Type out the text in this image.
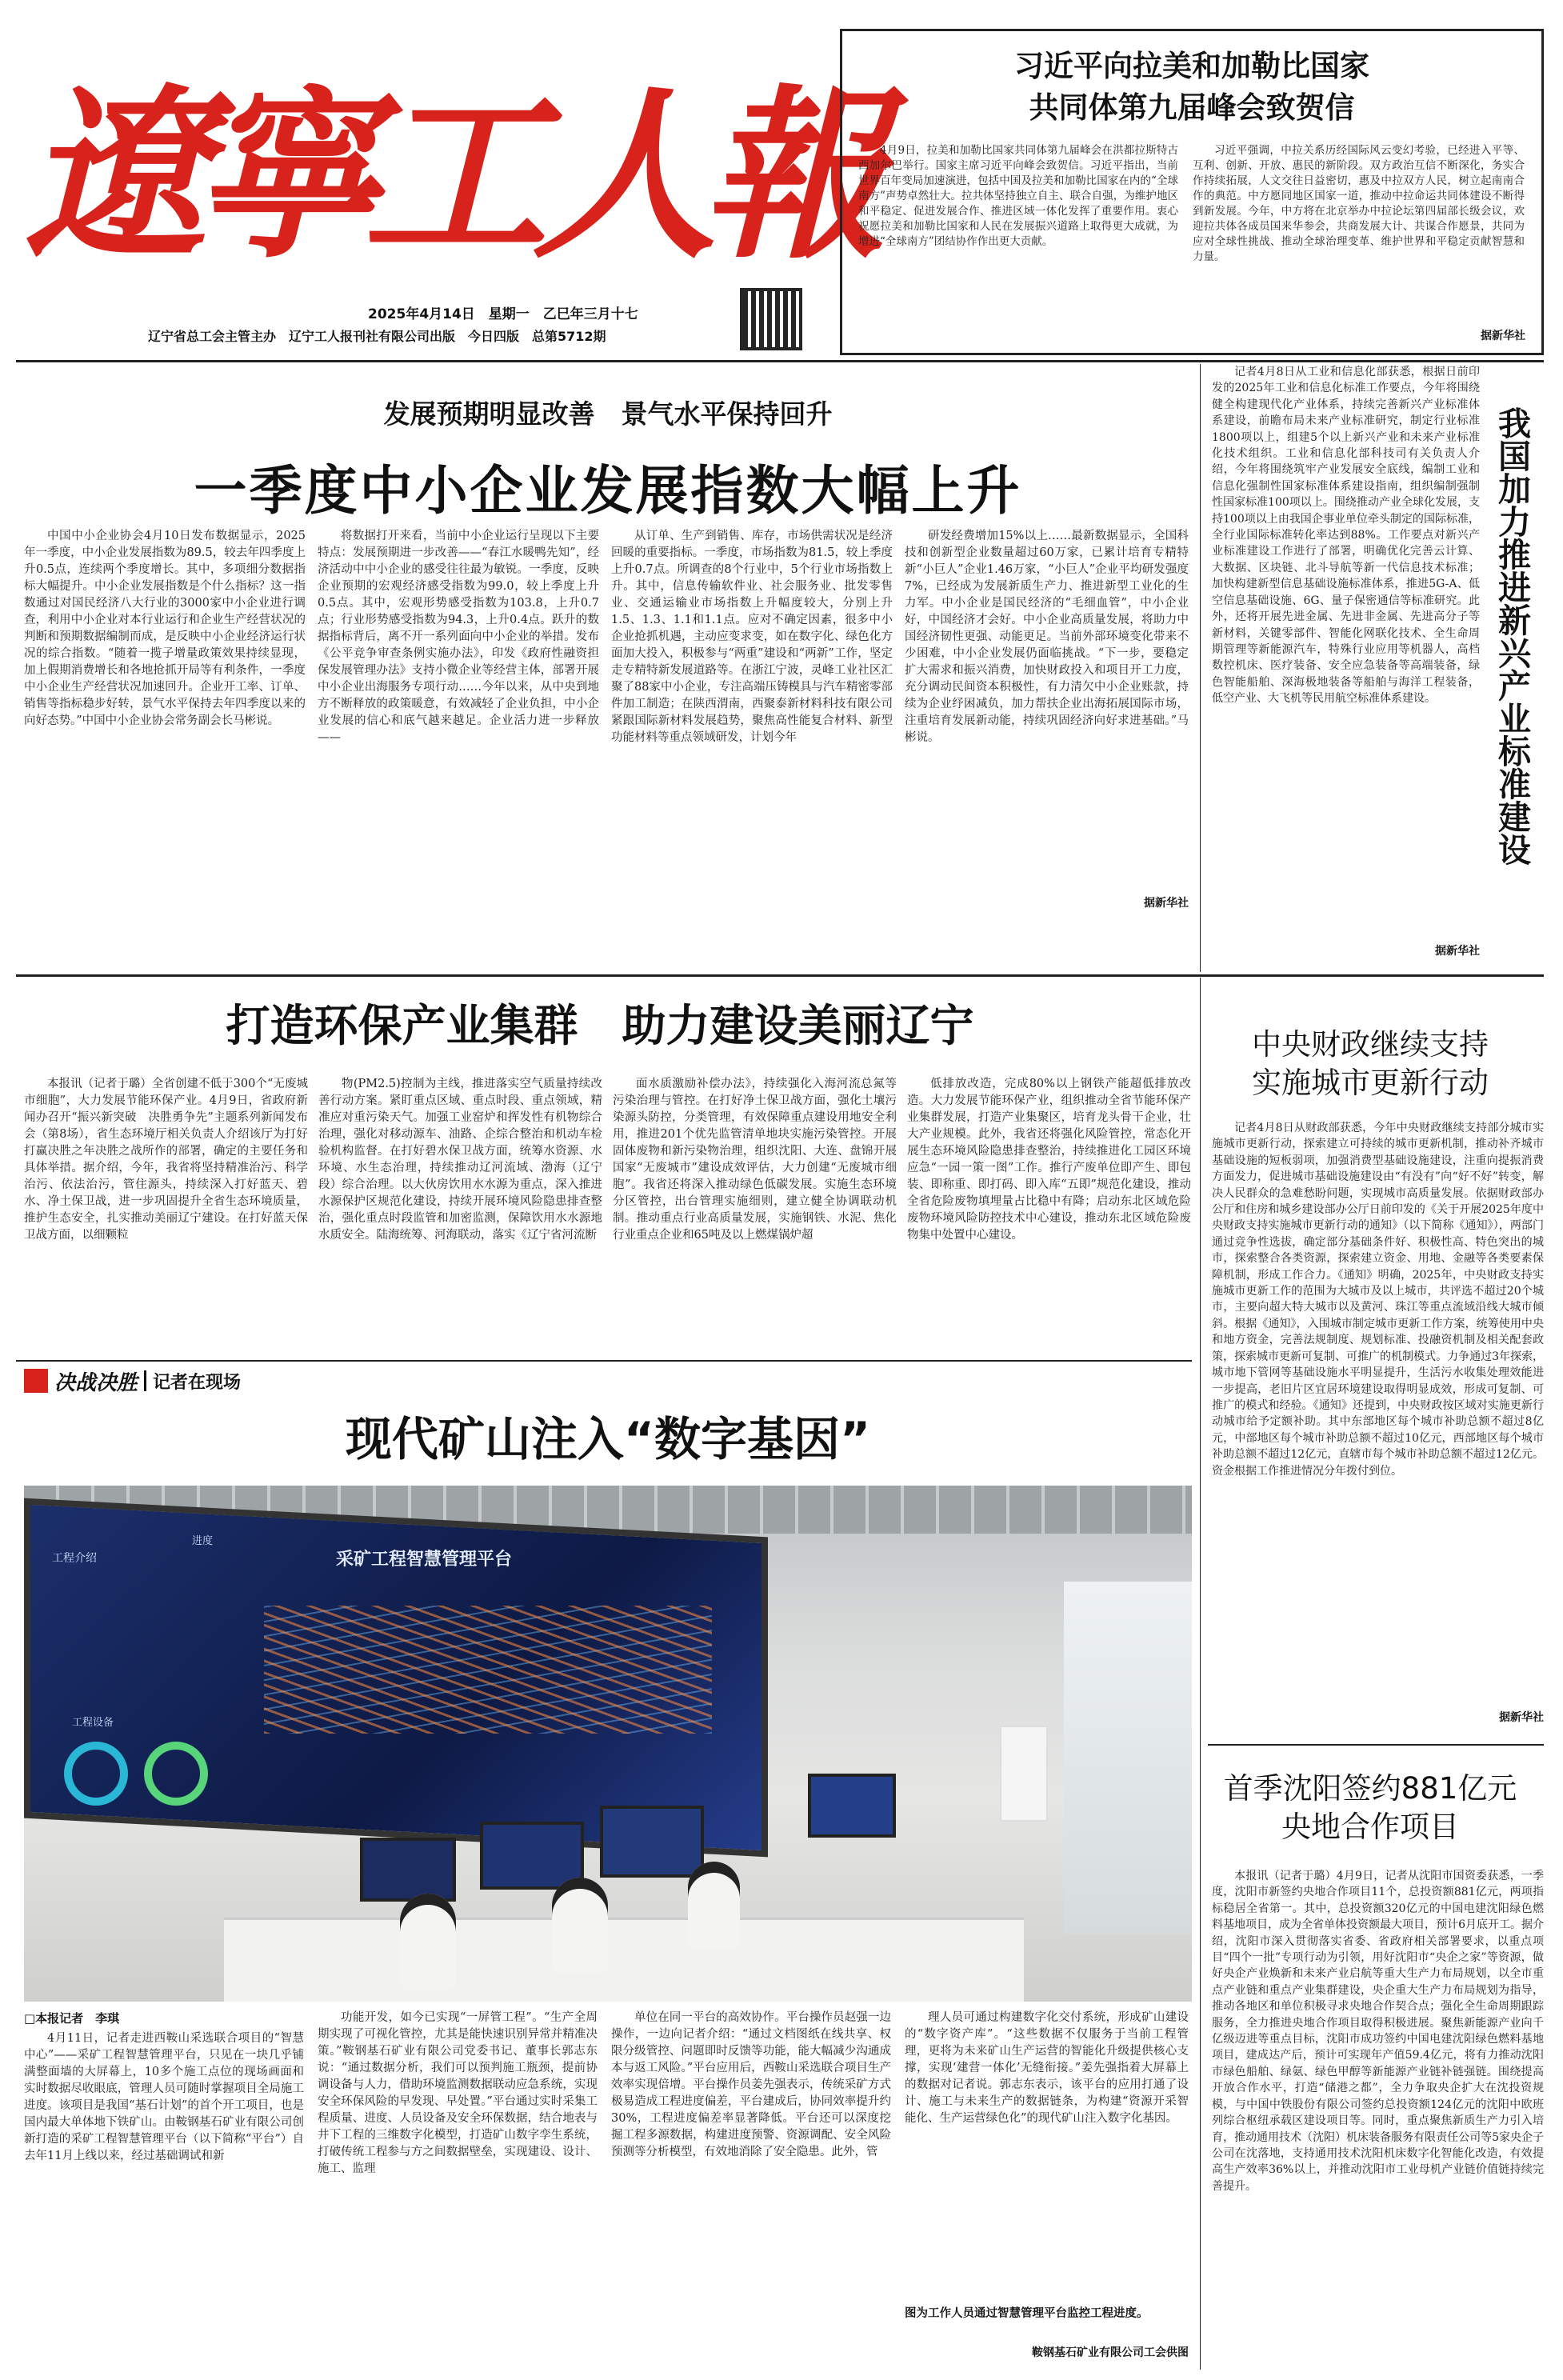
遼寧工人報
2025年4月14日　星期一　乙巳年三月十七
辽宁省总工会主管主办　辽宁工人报刊社有限公司出版　今日四版　总第5712期
习近平向拉美和加勒比国家
共同体第九届峰会致贺信
4月9日，拉美和加勒比国家共同体第九届峰会在洪都拉斯特古西加尔巴举行。国家主席习近平向峰会致贺信。习近平指出，当前世界百年变局加速演进，包括中国及拉美和加勒比国家在内的“全球南方”声势卓然壮大。拉共体坚持独立自主、联合自强，为维护地区和平稳定、促进发展合作、推进区域一体化发挥了重要作用。衷心祝愿拉美和加勒比国家和人民在发展振兴道路上取得更大成就，为增进“全球南方”团结协作作出更大贡献。
习近平强调，中拉关系历经国际风云变幻考验，已经进入平等、互利、创新、开放、惠民的新阶段。双方政治互信不断深化，务实合作持续拓展，人文交往日益密切，惠及中拉双方人民，树立起南南合作的典范。中方愿同地区国家一道，推动中拉命运共同体建设不断得到新发展。今年，中方将在北京举办中拉论坛第四届部长级会议，欢迎拉共体各成员国来华参会，共商发展大计、共谋合作愿景，共同为应对全球性挑战、推动全球治理变革、维护世界和平稳定贡献智慧和力量。
据新华社
发展预期明显改善　景气水平保持回升
一季度中小企业发展指数大幅上升
中国中小企业协会4月10日发布数据显示，2025年一季度，中小企业发展指数为89.5，较去年四季度上升0.5点，连续两个季度增长。其中，多项细分数据指标大幅提升。中小企业发展指数是个什么指标？这一指数通过对国民经济八大行业的3000家中小企业进行调查，利用中小企业对本行业运行和企业生产经营状况的判断和预期数据编制而成，是反映中小企业经济运行状况的综合指数。“随着一揽子增量政策效果持续显现，加上假期消费增长和各地抢抓开局等有利条件，一季度中小企业生产经营状况加速回升。企业开工率、订单、销售等指标稳步好转，景气水平保持去年四季度以来的向好态势。”中国中小企业协会常务副会长马彬说。
将数据打开来看，当前中小企业运行呈现以下主要特点：发展预期进一步改善——“春江水暖鸭先知”，经济活动中中小企业的感受往往最为敏锐。一季度，反映企业预期的宏观经济感受指数为99.0，较上季度上升0.5点。其中，宏观形势感受指数为103.8，上升0.7点；行业形势感受指数为94.3，上升0.4点。跃升的数据指标背后，离不开一系列面向中小企业的举措。发布《公平竞争审查条例实施办法》，印发《政府性融资担保发展管理办法》支持小微企业等经营主体，部署开展中小企业出海服务专项行动……今年以来，从中央到地方不断释放的政策暖意，有效减轻了企业负担，中小企业发展的信心和底气越来越足。企业活力进一步释放——
从订单、生产到销售、库存，市场供需状况是经济回暖的重要指标。一季度，市场指数为81.5，较上季度上升0.7点。所调查的8个行业中，5个行业市场指数上升。其中，信息传输软件业、社会服务业、批发零售业、交通运输业市场指数上升幅度较大，分别上升1.5、1.3、1.1和1.1点。应对不确定因素，很多中小企业抢抓机遇，主动应变求变，如在数字化、绿色化方面加大投入，积极参与“两重”建设和“两新”工作，坚定走专精特新发展道路等。在浙江宁波，灵峰工业社区汇聚了88家中小企业，专注高端压铸模具与汽车精密零部件加工制造；在陕西渭南，西聚泰新材料科技有限公司紧跟国际新材料发展趋势，聚焦高性能复合材料、新型功能材料等重点领域研发，计划今年
研发经费增加15%以上……最新数据显示，全国科技和创新型企业数量超过60万家，已累计培育专精特新“小巨人”企业1.46万家，“小巨人”企业平均研发强度7%，已经成为发展新质生产力、推进新型工业化的生力军。中小企业是国民经济的“毛细血管”，中小企业好，中国经济才会好。中小企业高质量发展，将助力中国经济韧性更强、动能更足。当前外部环境变化带来不少困难，中小企业发展仍面临挑战。“下一步，要稳定扩大需求和振兴消费，加快财政投入和项目开工力度，充分调动民间资本积极性，有力清欠中小企业账款，持续为企业纾困减负，加力帮扶企业出海拓展国际市场，注重培育发展新动能，持续巩固经济向好求进基础。”马彬说。
据新华社
我国加力推进新兴产业标准建设
记者4月8日从工业和信息化部获悉，根据日前印发的2025年工业和信息化标准工作要点，今年将围绕健全构建现代化产业体系，持续完善新兴产业标准体系建设，前瞻布局未来产业标准研究，制定行业标准1800项以上，组建5个以上新兴产业和未来产业标准化技术组织。工业和信息化部科技司有关负责人介绍，今年将围绕筑牢产业发展安全底线，编制工业和信息化强制性国家标准体系建设指南，组织编制强制性国家标准100项以上。围绕推动产业全球化发展，支持100项以上由我国企事业单位牵头制定的国际标准，全行业国际标准转化率达到88%。工作要点对新兴产业标准建设工作进行了部署，明确优化完善云计算、大数据、区块链、北斗导航等新一代信息技术标准；加快构建新型信息基础设施标准体系，推进5G-A、低空信息基础设施、6G、量子保密通信等标准研究。此外，还将开展先进金属、先进非金属、先进高分子等新材料，关键零部件、智能化网联化技术、全生命周期管理等新能源汽车，特殊行业应用等机器人，高档数控机床、医疗装备、安全应急装备等高端装备，绿色智能船舶、深海极地装备等船舶与海洋工程装备，低空产业、大飞机等民用航空标准体系建设。
据新华社
打造环保产业集群　助力建设美丽辽宁
本报讯（记者于璐）全省创建不低于300个“无废城市细胞”，大力发展节能环保产业。4月9日，省政府新闻办召开“振兴新突破　决胜勇争先”主题系列新闻发布会（第8场），省生态环境厅相关负责人介绍该厅为打好打赢决胜之年决胜之战所作的部署，确定的主要任务和具体举措。据介绍，今年，我省将坚持精准治污、科学治污、依法治污，管住源头，持续深入打好蓝天、碧水、净土保卫战，进一步巩固提升全省生态环境质量，推护生态安全，扎实推动美丽辽宁建设。在打好蓝天保卫战方面，以细颗粒
物(PM2.5)控制为主线，推进落实空气质量持续改善行动方案。紧盯重点区域、重点时段、重点领域，精准应对重污染天气。加强工业窑炉和挥发性有机物综合治理，强化对移动源车、油路、企综合整治和机动车检验机构监督。在打好碧水保卫战方面，统筹水资源、水环境、水生态治理，持续推动辽河流域、渤海（辽宁段）综合治理。以大伙房饮用水水源为重点，深入推进水源保护区规范化建设，持续开展环境风险隐患排查整治，强化重点时段监管和加密监测，保障饮用水水源地水质安全。陆海统筹、河海联动，落实《辽宁省河流断
面水质激励补偿办法》，持续强化入海河流总氮等污染治理与管控。在打好净土保卫战方面，强化土壤污染源头防控，分类管理，有效保障重点建设用地安全利用，推进201个优先监管清单地块实施污染管控。开展固体废物和新污染物治理，组织沈阳、大连、盘锦开展国家“无废城市”建设成效评估，大力创建“无废城市细胞”。我省还将深入推动绿色低碳发展。实施生态环境分区管控，出台管理实施细则，建立健全协调联动机制。推动重点行业高质量发展，实施钢铁、水泥、焦化行业重点企业和65吨及以上燃煤锅炉超
低排放改造，完成80%以上钢铁产能超低排放改造。大力发展节能环保产业，组织推动全省节能环保产业集群发展，打造产业集聚区，培育龙头骨干企业，壮大产业规模。此外，我省还将强化风险管控，常态化开展生态环境风险隐患排查整治，持续推进化工园区环境应急“一园一策一图”工作。推行产废单位即产生、即包装、即称重、即打码、即入库“五即”规范化建设，推动全省危险废物填埋量占比稳中有降；启动东北区域危险废物环境风险防控技术中心建设，推动东北区域危险废物集中处置中心建设。
中央财政继续支持
实施城市更新行动
记者4月8日从财政部获悉，今年中央财政继续支持部分城市实施城市更新行动，探索建立可持续的城市更新机制，推动补齐城市基础设施的短板弱项，加强消费型基础设施建设，注重向提振消费方面发力，促进城市基础设施建设由“有没有”向“好不好”转变，解决人民群众的急难愁盼问题，实现城市高质量发展。依据财政部办公厅和住房和城乡建设部办公厅日前印发的《关于开展2025年度中央财政支持实施城市更新行动的通知》（以下简称《通知》），两部门通过竞争性选拔，确定部分基础条件好、积极性高、特色突出的城市，探索整合各类资源，探索建立资金、用地、金融等各类要素保障机制，形成工作合力。《通知》明确，2025年，中央财政支持实施城市更新工作的范围为大城市及以上城市，共评选不超过20个城市，主要向超大特大城市以及黄河、珠江等重点流域沿线大城市倾斜。根据《通知》，入围城市制定城市更新工作方案，统筹使用中央和地方资金，完善法规制度、规划标准、投融资机制及相关配套政策，探索城市更新可复制、可推广的机制模式。力争通过3年探索，城市地下管网等基础设施水平明显提升，生活污水收集处理效能进一步提高，老旧片区宜居环境建设取得明显成效，形成可复制、可推广的模式和经验。《通知》还提到，中央财政按区域对实施更新行动城市给予定额补助。其中东部地区每个城市补助总额不超过8亿元，中部地区每个城市补助总额不超过10亿元，西部地区每个城市补助总额不超过12亿元，直辖市每个城市补助总额不超过12亿元。资金根据工作推进情况分年拨付到位。
据新华社
首季沈阳签约881亿元
央地合作项目
本报讯（记者于璐）4月9日，记者从沈阳市国资委获悉，一季度，沈阳市新签约央地合作项目11个，总投资额881亿元，两项指标稳居全省第一。其中，总投资额320亿元的中国电建沈阳绿色燃料基地项目，成为全省单体投资额最大项目，预计6月底开工。据介绍，沈阳市深入贯彻落实省委、省政府相关部署要求，以重点项目“四个一批”专项行动为引领，用好沈阳市“央企之家”等资源，做好央企产业焕新和未来产业启航等重大生产力布局规划，以全市重点产业链和重点产业集群建设，央企重大生产力布局规划为指导，推动各地区和单位积极寻求央地合作契合点；强化全生命周期跟踪服务，全力推进央地合作项目取得积极进展。聚焦新能源产业向千亿级迈进等重点目标，沈阳市成功签约中国电建沈阳绿色燃料基地项目，建成达产后，预计可实现年产值59.4亿元，将有力推动沈阳市绿色船舶、绿氨、绿色甲醇等新能源产业链补链强链。围绕提高开放合作水平，打造“储港之都”，全力争取央企扩大在沈投资规模，与中国中铁股份有限公司签约总投资额124亿元的沈阳中欧班列综合枢纽承载区建设项目等。同时，重点聚焦新质生产力引入培育，推动通用技术（沈阳）机床装备服务有限责任公司等5家央企子公司在沈落地，支持通用技术沈阳机床数字化智能化改造，有效提高生产效率36%以上，并推动沈阳市工业母机产业链价值链持续完善提升。
决战决胜 记者在现场
现代矿山注入“数字基因”
采矿工程智慧管理平台
工程介绍
进度
工程设备
□本报记者　李琪
4月11日，记者走进西鞍山采选联合项目的“智慧中心”——采矿工程智慧管理平台，只见在一块几乎铺满整面墙的大屏幕上，10多个施工点位的现场画面和实时数据尽收眼底，管理人员可随时掌握项目全局施工进度。该项目是我国“基石计划”的首个开工项目，也是国内最大单体地下铁矿山。由鞍钢基石矿业有限公司创新打造的采矿工程智慧管理平台（以下简称“平台”）自去年11月上线以来，经过基础调试和新
功能开发，如今已实现“一屏管工程”。“生产全周期实现了可视化管控，尤其是能快速识别异常并精准决策。”鞍钢基石矿业有限公司党委书记、董事长郭志东说：“通过数据分析，我们可以预判施工瓶颈，提前协调设备与人力，借助环境监测数据联动应急系统，实现安全环保风险的早发现、早处置。”平台通过实时采集工程质量、进度、人员设备及安全环保数据，结合地表与井下工程的三维数字化模型，打造矿山数字孪生系统，打破传统工程参与方之间数据壁垒，实现建设、设计、施工、监理
单位在同一平台的高效协作。平台操作员赵强一边操作，一边向记者介绍：“通过文档图纸在线共享、权限分级管控、问题即时反馈等功能，能大幅减少沟通成本与返工风险。”平台应用后，西鞍山采选联合项目生产效率实现倍增。平台操作员姜先强表示，传统采矿方式极易造成工程进度偏差，平台建成后，协同效率提升约30%，工程进度偏差率显著降低。平台还可以深度挖掘工程多源数据，构建进度预警、资源调配、安全风险预测等分析模型，有效地消除了安全隐患。此外，管
理人员可通过构建数字化交付系统，形成矿山建设的“数字资产库”。“这些数据不仅服务于当前工程管理，更将为未来矿山生产运营的智能化升级提供核心支撑，实现‘建营一体化’无缝衔接。”姜先强指着大屏幕上的数据对记者说。郭志东表示，该平台的应用打通了设计、施工与未来生产的数据链条，为构建“资源开采智能化、生产运营绿色化”的现代矿山注入数字化基因。
图为工作人员通过智慧管理平台监控工程进度。
鞍钢基石矿业有限公司工会供图
